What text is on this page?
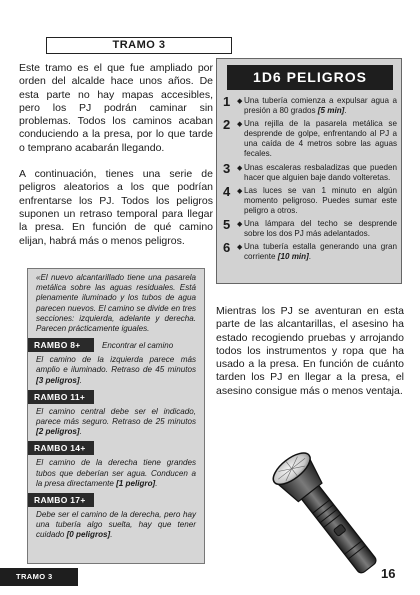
TRAMO 3

Este tramo es el que fue ampliado por orden del alcalde hace unos años. De esta parte no hay mapas accesibles, pero los PJ podrán caminar sin problemas. Todos los caminos acaban conduciendo a la presa, por lo que tarde o temprano acabarán llegando.

A continuación, tienes una serie de peligros aleatorios a los que podrían enfrentarse los PJ. Todos los peligros suponen un retraso temporal para llegar la presa. En función de qué camino elijan, habrá más o menos peligros.

1D6 PELIGROS
1 ◆ Una tubería comienza a expulsar agua a presión a 80 grados [5 min].
2 ◆ Una rejilla de la pasarela metálica se desprende de golpe, enfrentando al PJ a una caída de 4 metros sobre las aguas fecales.
3 ◆ Unas escaleras resbaladizas que pueden hacer que alguien baje dando volteretas.
4 ◆ Las luces se van 1 minuto en algún momento peligroso. Puedes sumar este peligro a otros.
5 ◆ Una lámpara del techo se desprende sobre los dos PJ más adelantados.
6 ◆ Una tubería estalla generando una gran corriente [10 min].
«El nuevo alcantarillado tiene una pasarela metálica sobre las aguas residuales. Está plenamente iluminado y los tubos de agua parecen nuevos. El camino se divide en tres secciones: izquierda, adelante y derecha. Parecen prácticamente iguales.
RAMBO 8+	Encontrar el camino
El camino de la izquierda parece más amplio e iluminado. Retraso de 45 minutos [3 peligros].
RAMBO 11+
El camino central debe ser el indicado, parece más seguro. Retraso de 25 minutos [2 peligros].
RAMBO 14+
El camino de la derecha tiene grandes tubos que deberían ser agua. Conducen a la presa directamente [1 peligro].
RAMBO 17+
Debe ser el camino de la derecha, pero hay una tubería algo suelta, hay que tener cuidado [0 peligros].
Mientras los PJ se aventuran en esta parte de las alcantarillas, el asesino ha estado recogiendo pruebas y arrojando todos los instrumentos y ropa que ha usado a la presa. En función de cuánto tarden los PJ en llegar a la presa, el asesino consigue más o menos ventaja.
TRAMO 3	16
